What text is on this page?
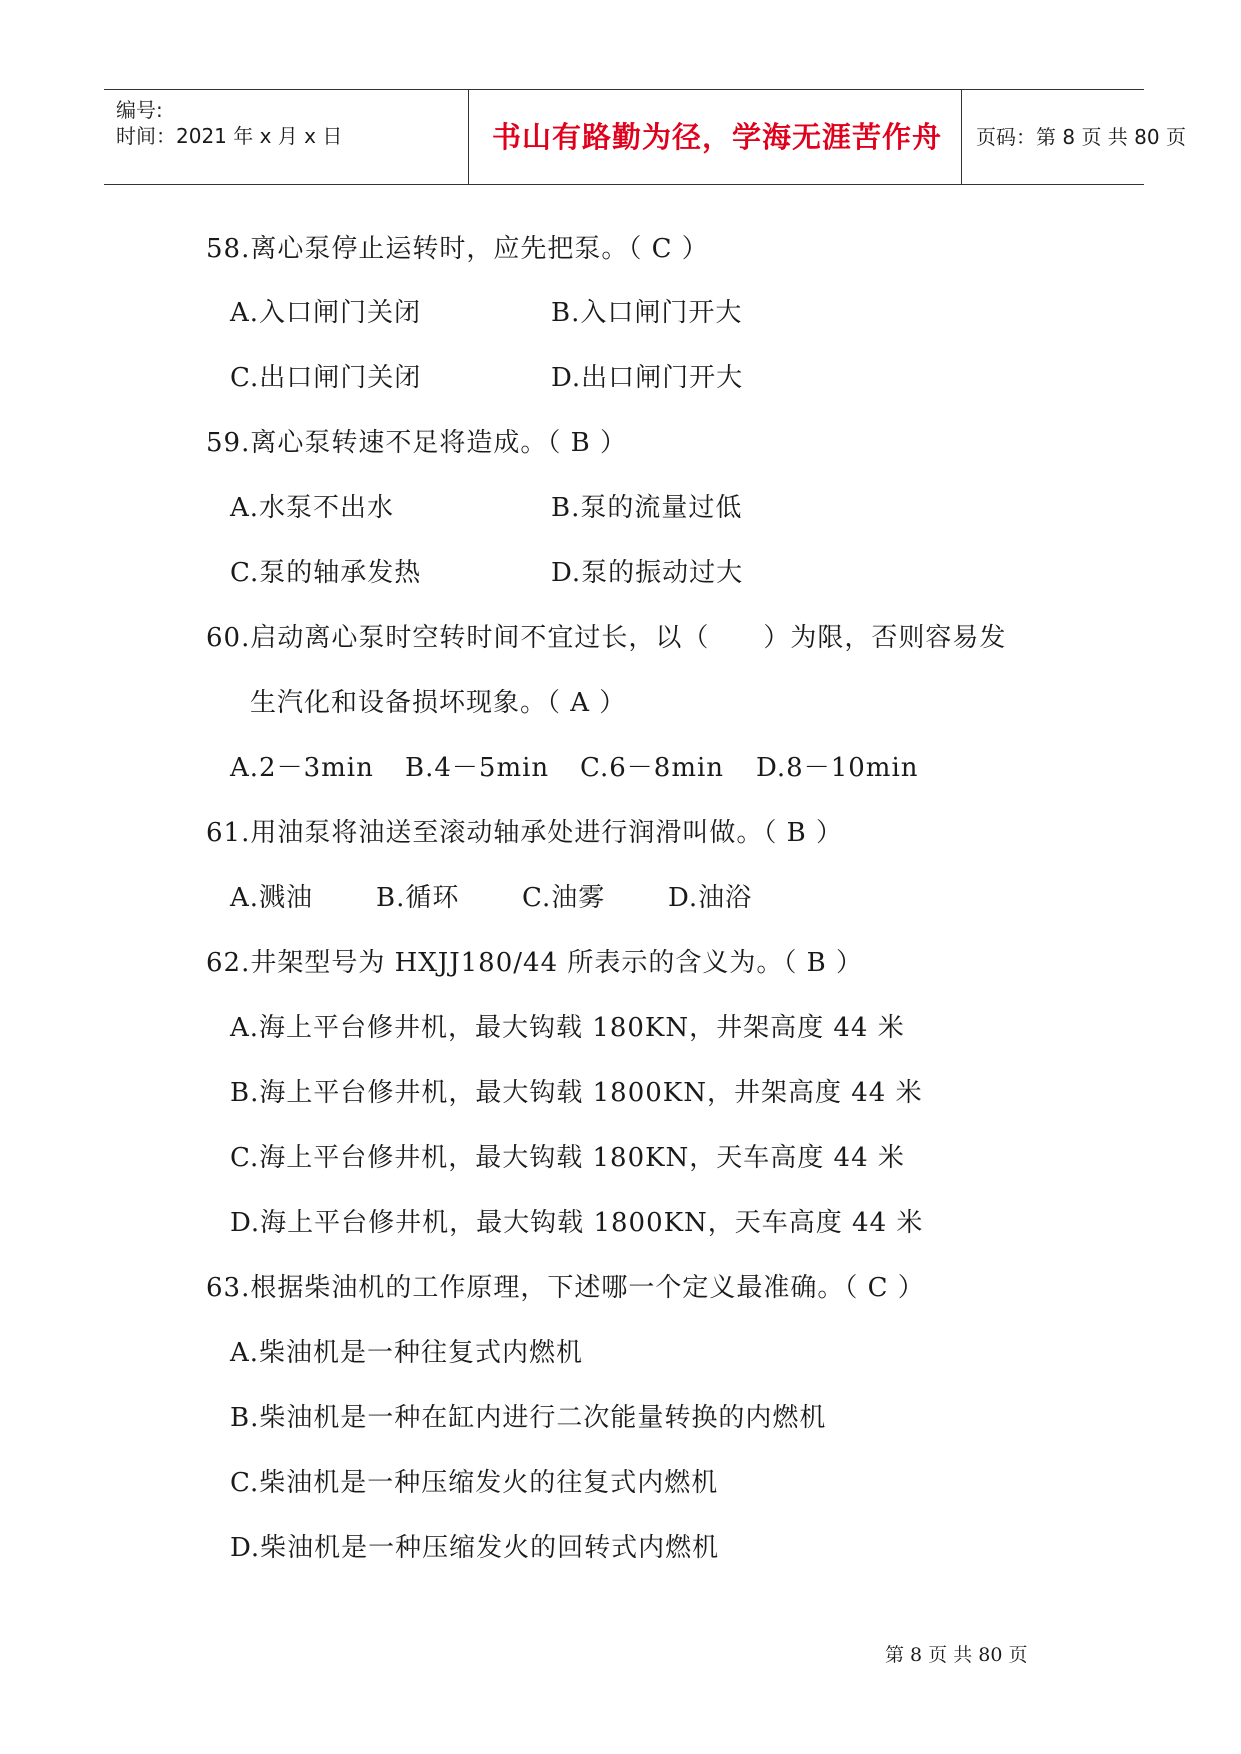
编号:
时间：2021 年 x 月 x 日	书山有路勤为径，学海无涯苦作舟	页码：第 8 页 共 80 页
58.离心泵停止运转时，应先把泵。（ C ）
A.入口闸门关闭	B.入口闸门开大
C.出口闸门关闭	D.出口闸门开大
59.离心泵转速不足将造成。（ B ）
A.水泵不出水	B.泵的流量过低
C.泵的轴承发热	D.泵的振动过大
60.启动离心泵时空转时间不宜过长，以（　　）为限，否则容易发
生汽化和设备损坏现象。（ A ）
A.2－3min B.4－5min C.6－8min D.8－10min
61.用油泵将油送至滚动轴承处进行润滑叫做。（ B ）
A.溅油 B.循环 C.油雾 D.油浴
62.井架型号为 HXJJ180/44 所表示的含义为。（ B ）
A.海上平台修井机，最大钩载 180KN，井架高度 44 米
B.海上平台修井机，最大钩载 1800KN，井架高度 44 米
C.海上平台修井机，最大钩载 180KN，天车高度 44 米
D.海上平台修井机，最大钩载 1800KN，天车高度 44 米
63.根据柴油机的工作原理，下述哪一个定义最准确。（ C ）
A.柴油机是一种往复式内燃机
B.柴油机是一种在缸内进行二次能量转换的内燃机
C.柴油机是一种压缩发火的往复式内燃机
D.柴油机是一种压缩发火的回转式内燃机
第 8 页 共 80 页
